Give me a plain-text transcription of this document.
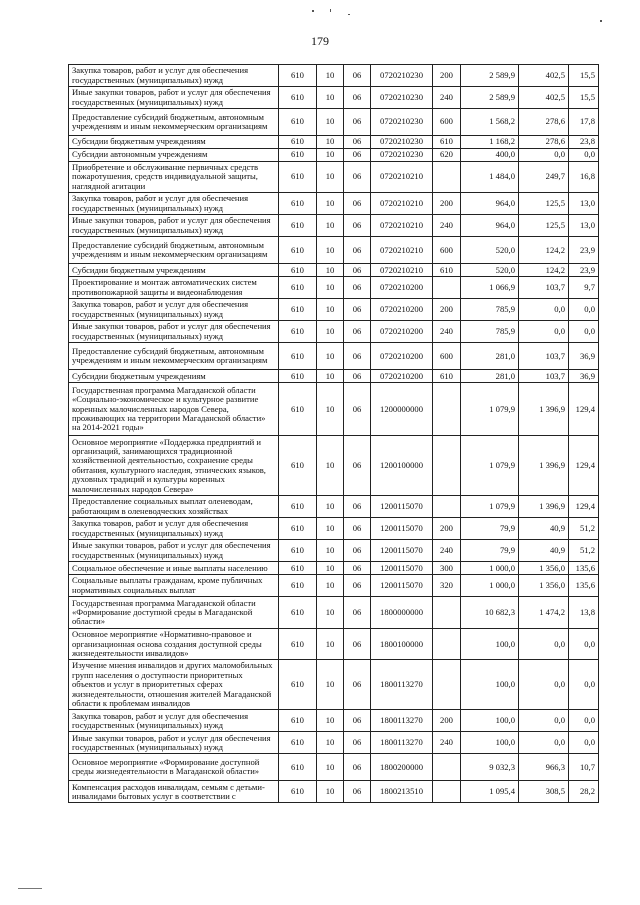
179
Закупка товаров, работ и услуг для обеспечения государственных (муниципальных) нужд	610	10	06	0720210230	200	2 589,9	402,5	15,5
Иные закупки товаров, работ и услуг для обеспечения государственных (муниципальных) нужд	610	10	06	0720210230	240	2 589,9	402,5	15,5
Предоставление субсидий бюджетным, автономным учреждениям и иным некоммерческим организациям	610	10	06	0720210230	600	1 568,2	278,6	17,8
Субсидии бюджетным учреждениям	610	10	06	0720210230	610	1 168,2	278,6	23,8
Субсидии автономным учреждениям	610	10	06	0720210230	620	400,0	0,0	0,0
Приобретение и обслуживание первичных средств пожаротушения, средств индивидуальной защиты, наглядной агитации	610	10	06	0720210210		1 484,0	249,7	16,8
Закупка товаров, работ и услуг для обеспечения государственных (муниципальных) нужд	610	10	06	0720210210	200	964,0	125,5	13,0
Иные закупки товаров, работ и услуг для обеспечения государственных (муниципальных) нужд	610	10	06	0720210210	240	964,0	125,5	13,0
Предоставление субсидий бюджетным, автономным учреждениям и иным некоммерческим организациям	610	10	06	0720210210	600	520,0	124,2	23,9
Субсидии бюджетным учреждениям	610	10	06	0720210210	610	520,0	124,2	23,9
Проектирование и монтаж автоматических систем противопожарной защиты и видеонаблюдения	610	10	06	0720210200		1 066,9	103,7	9,7
Закупка товаров, работ и услуг для обеспечения государственных (муниципальных) нужд	610	10	06	0720210200	200	785,9	0,0	0,0
Иные закупки товаров, работ и услуг для обеспечения государственных (муниципальных) нужд	610	10	06	0720210200	240	785,9	0,0	0,0
Предоставление субсидий бюджетным, автономным учреждениям и иным некоммерческим организациям	610	10	06	0720210200	600	281,0	103,7	36,9
Субсидии бюджетным учреждениям	610	10	06	0720210200	610	281,0	103,7	36,9
Государственная программа Магаданской области «Социально-экономическое и культурное развитие коренных малочисленных народов Севера, проживающих на территории Магаданской области» на 2014-2021 годы»	610	10	06	1200000000		1 079,9	1 396,9	129,4
Основное мероприятие «Поддержка предприятий и организаций, занимающихся традиционной хозяйственной деятельностью, сохранение среды обитания, культурного наследия, этнических языков, духовных традиций и культуры коренных малочисленных народов Севера»	610	10	06	1200100000		1 079,9	1 396,9	129,4
Предоставление социальных выплат оленеводам, работающим в оленеводческих хозяйствах	610	10	06	1200115070		1 079,9	1 396,9	129,4
Закупка товаров, работ и услуг для обеспечения государственных (муниципальных) нужд	610	10	06	1200115070	200	79,9	40,9	51,2
Иные закупки товаров, работ и услуг для обеспечения государственных (муниципальных) нужд	610	10	06	1200115070	240	79,9	40,9	51,2
Социальное обеспечение и иные выплаты населению	610	10	06	1200115070	300	1 000,0	1 356,0	135,6
Социальные выплаты гражданам, кроме публичных нормативных социальных выплат	610	10	06	1200115070	320	1 000,0	1 356,0	135,6
Государственная программа Магаданской области «Формирование доступной среды в Магаданской области»	610	10	06	1800000000		10 682,3	1 474,2	13,8
Основное мероприятие «Нормативно-правовое и организационная основа создания доступной среды жизнедеятельности инвалидов»	610	10	06	1800100000		100,0	0,0	0,0
Изучение мнения инвалидов и других маломобильных групп населения о доступности приоритетных объектов и услуг в приоритетных сферах жизнедеятельности, отношения жителей Магаданской области к проблемам инвалидов	610	10	06	1800113270		100,0	0,0	0,0
Закупка товаров, работ и услуг для обеспечения государственных (муниципальных) нужд	610	10	06	1800113270	200	100,0	0,0	0,0
Иные закупки товаров, работ и услуг для обеспечения государственных (муниципальных) нужд	610	10	06	1800113270	240	100,0	0,0	0,0
Основное мероприятие «Формирование доступной среды жизнедеятельности в Магаданской области»	610	10	06	1800200000		9 032,3	966,3	10,7
Компенсация расходов инвалидам, семьям с детьми-инвалидами бытовых услуг в соответствии с	610	10	06	1800213510		1 095,4	308,5	28,2
